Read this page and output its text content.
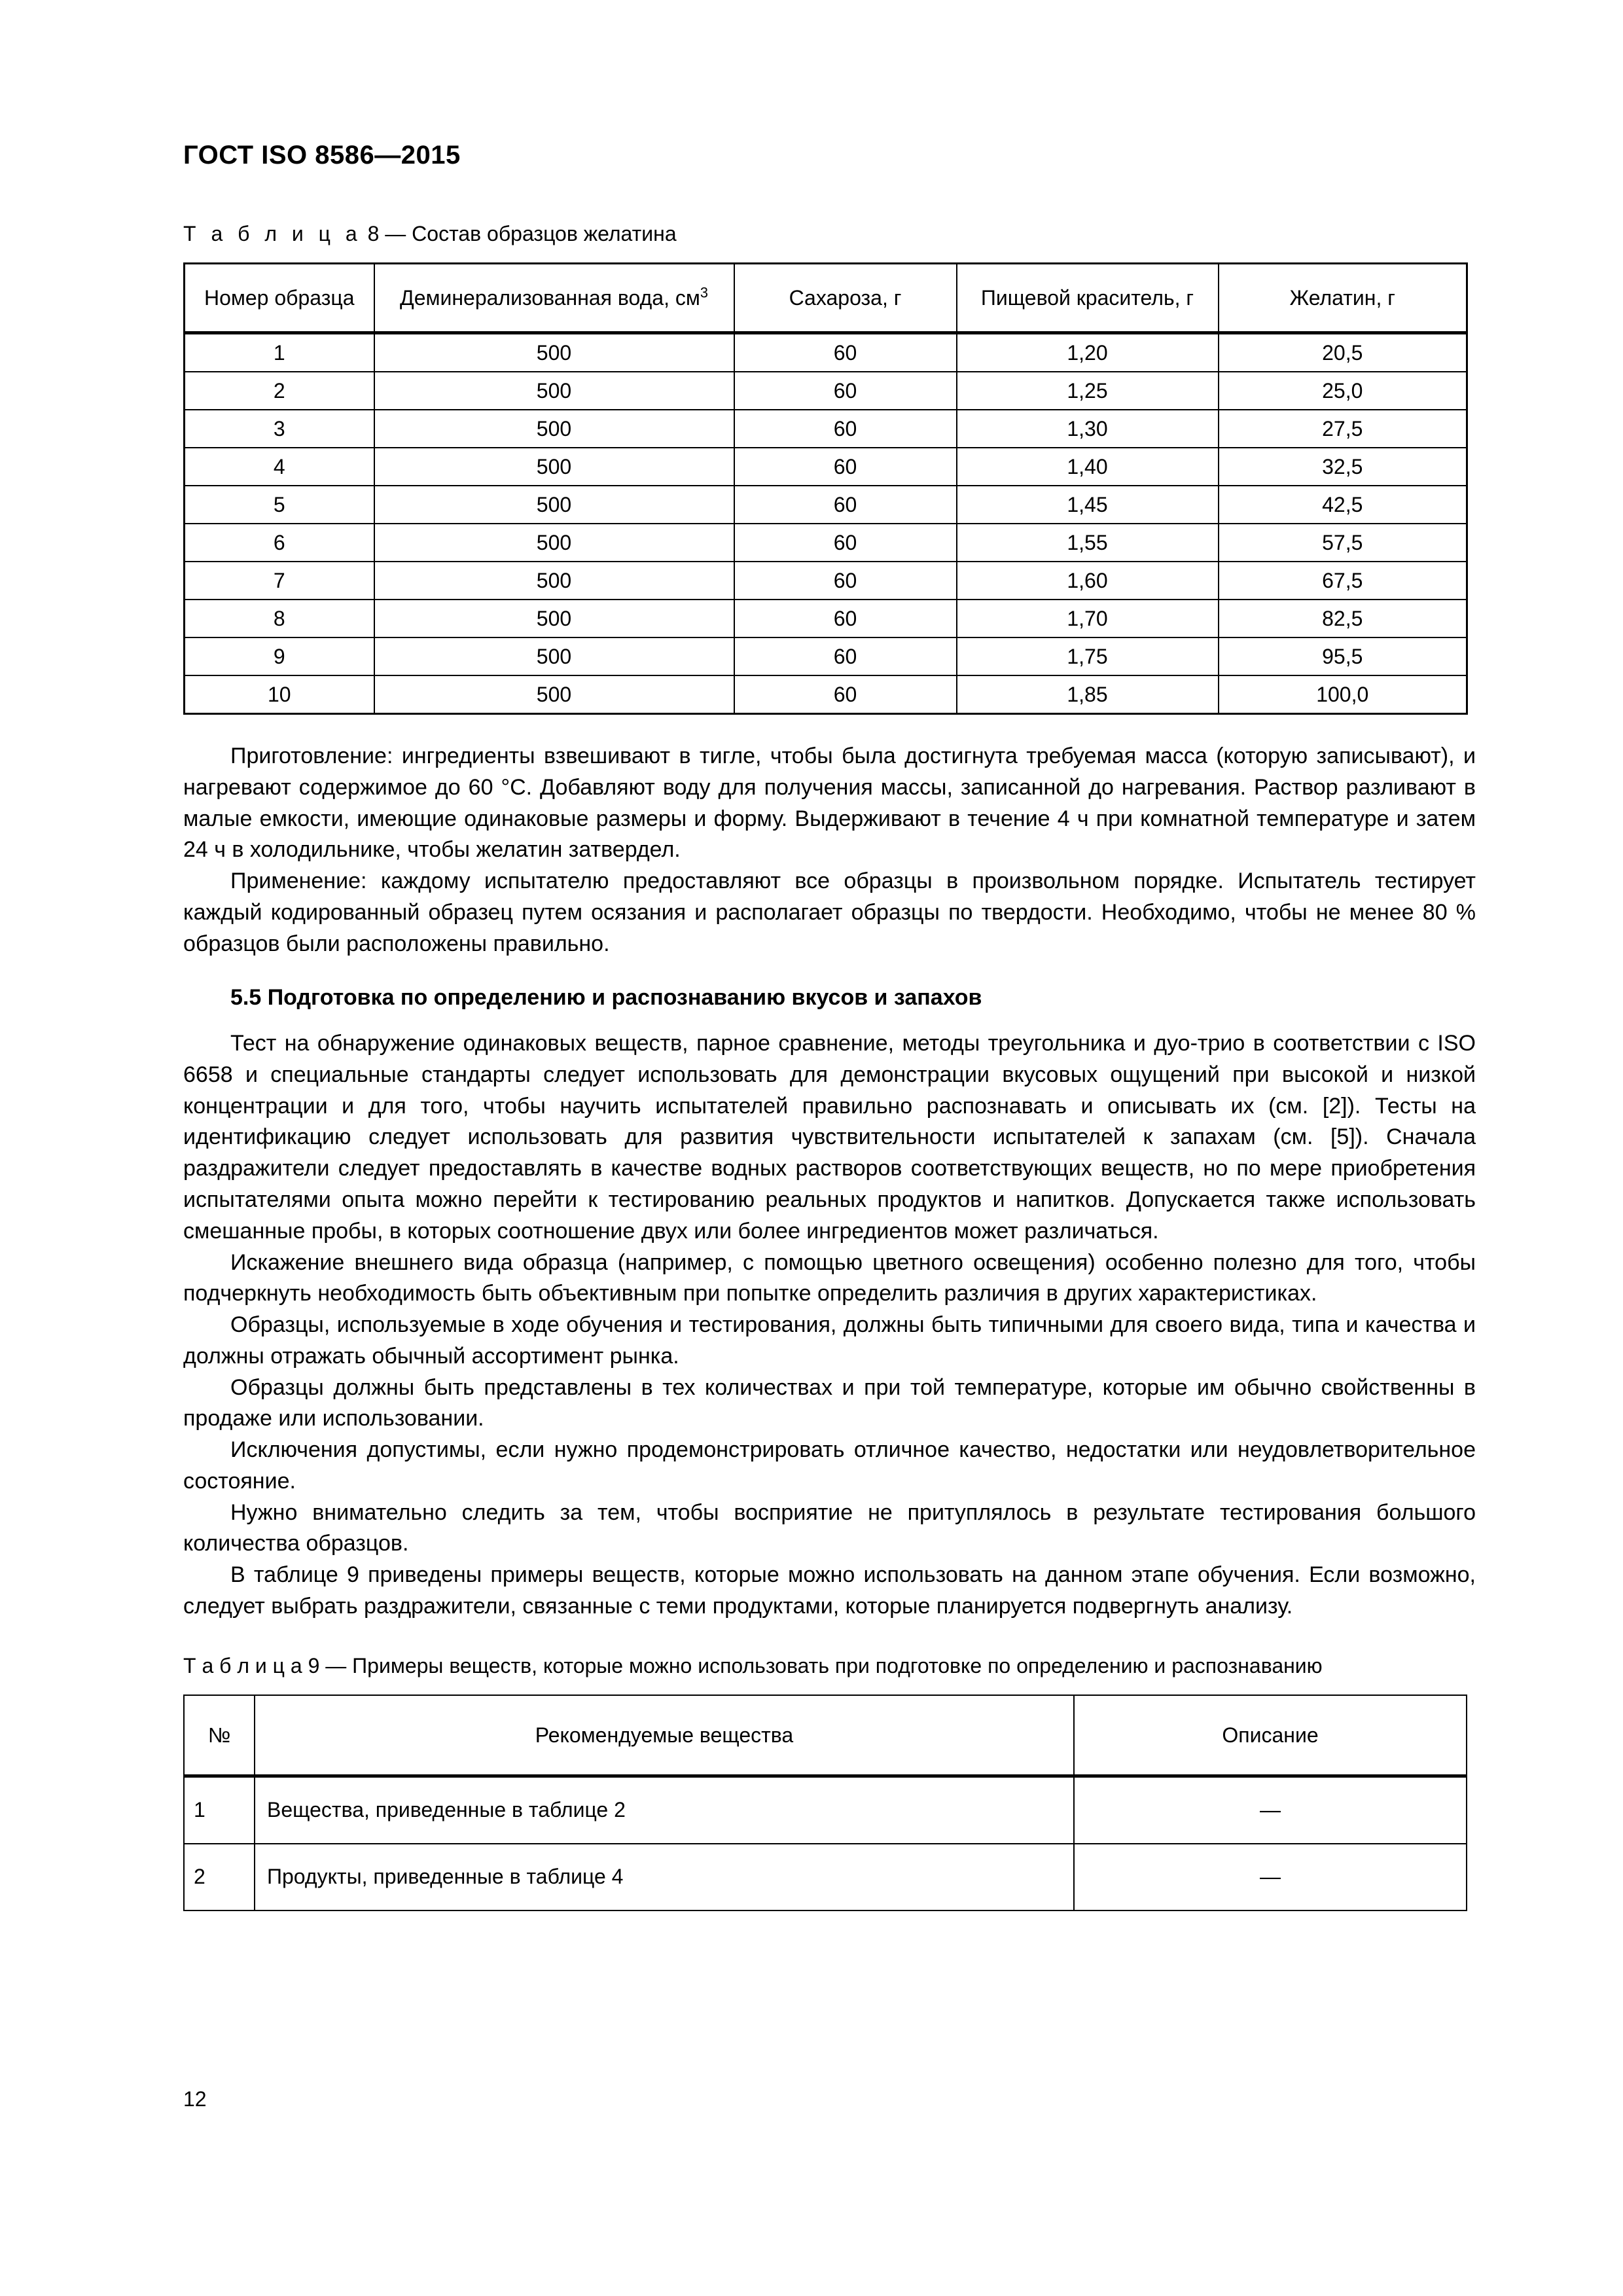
ГОСТ ISO 8586—2015
Т а б л и ц а 8 — Состав образцов желатина
Номер образца	Деминерализованная вода, $см^3$	Сахароза, г	Пищевой краситель, г	Желатин, г
1	500	60	1,20	20,5
2	500	60	1,25	25,0
3	500	60	1,30	27,5
4	500	60	1,40	32,5
5	500	60	1,45	42,5
6	500	60	1,55	57,5
7	500	60	1,60	67,5
8	500	60	1,70	82,5
9	500	60	1,75	95,5
10	500	60	1,85	100,0

Приготовление: ингредиенты взвешивают в тигле, чтобы была достигнута требуемая масса (которую записывают), и нагревают содержимое до 60 °С. Добавляют воду для получения массы, записанной до нагревания. Раствор разливают в малые емкости, имеющие одинаковые размеры и форму. Выдерживают в течение 4 ч при комнатной температуре и затем 24 ч в холодильнике, чтобы желатин затвердел.

Применение: каждому испытателю предоставляют все образцы в произвольном порядке. Испытатель тестирует каждый кодированный образец путем осязания и располагает образцы по твердости. Необходимо, чтобы не менее 80 % образцов были расположены правильно.

5.5 Подготовка по определению и распознаванию вкусов и запахов

Тест на обнаружение одинаковых веществ, парное сравнение, методы треугольника и дуо-трио в соответствии с ISO 6658 и специальные стандарты следует использовать для демонстрации вкусовых ощущений при высокой и низкой концентрации и для того, чтобы научить испытателей правильно распознавать и описывать их (см. [2]). Тесты на идентификацию следует использовать для развития чувствительности испытателей к запахам (см. [5]). Сначала раздражители следует предоставлять в качестве водных растворов соответствующих веществ, но по мере приобретения испытателями опыта можно перейти к тестированию реальных продуктов и напитков. Допускается также использовать смешанные пробы, в которых соотношение двух или более ингредиентов может различаться.

Искажение внешнего вида образца (например, с помощью цветного освещения) особенно полезно для того, чтобы подчеркнуть необходимость быть объективным при попытке определить различия в других характеристиках.

Образцы, используемые в ходе обучения и тестирования, должны быть типичными для своего вида, типа и качества и должны отражать обычный ассортимент рынка.

Образцы должны быть представлены в тех количествах и при той температуре, которые им обычно свойственны в продаже или использовании.

Исключения допустимы, если нужно продемонстрировать отличное качество, недостатки или неудовлетворительное состояние.

Нужно внимательно следить за тем, чтобы восприятие не притуплялось в результате тестирования большого количества образцов.

В таблице 9 приведены примеры веществ, которые можно использовать на данном этапе обучения. Если возможно, следует выбрать раздражители, связанные с теми продуктами, которые планируется подвергнуть анализу.

Т а б л и ц а 9 — Примеры веществ, которые можно использовать при подготовке по определению и распознаванию
№	Рекомендуемые вещества	Описание
1	Вещества, приведенные в таблице 2	—
2	Продукты, приведенные в таблице 4	—
12
